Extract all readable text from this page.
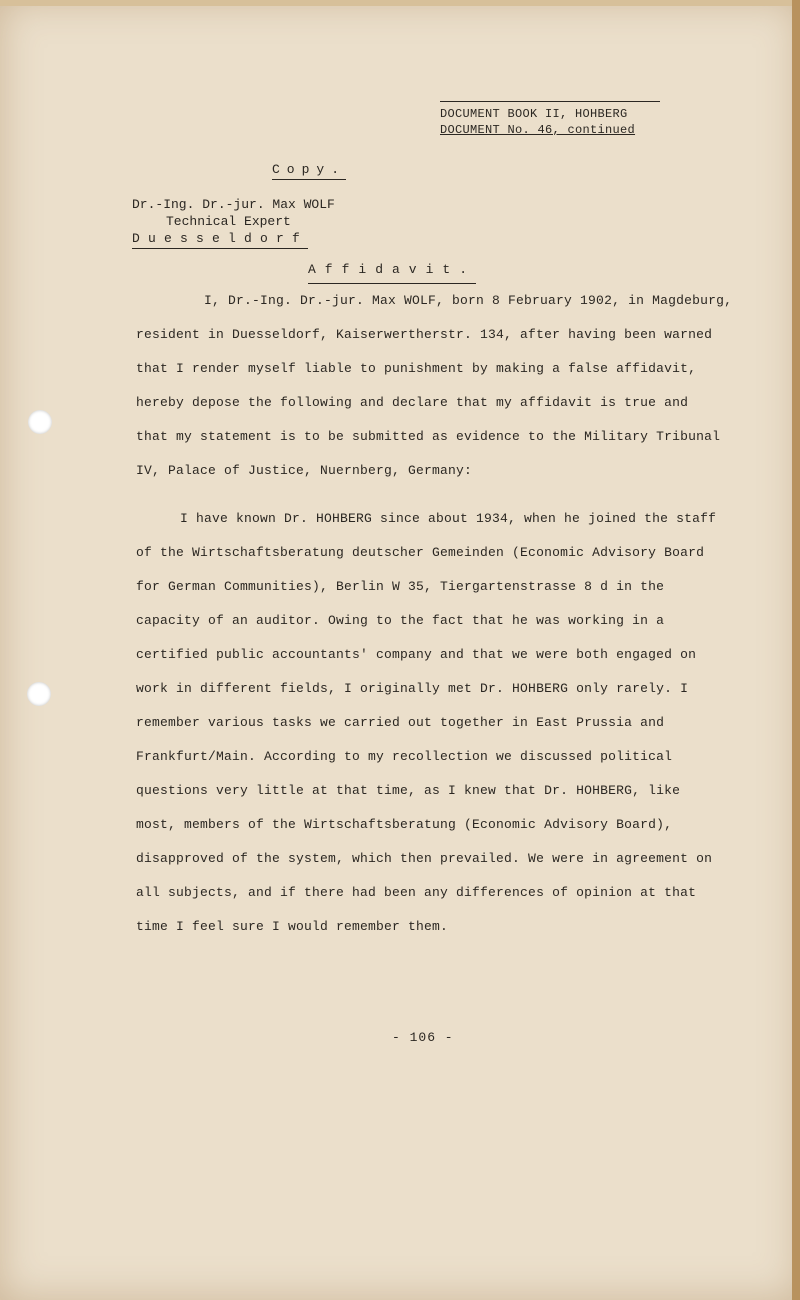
DOCUMENT BOOK II, HOHBERG
DOCUMENT No. 46, continued
Copy.
Dr.-Ing. Dr.-jur. Max WOLF
Technical Expert
Duesseldorf
Affidavit.

I, Dr.-Ing. Dr.-jur. Max WOLF, born 8 February 1902, in Magdeburg,

resident in Duesseldorf, Kaiserwertherstr. 134, after having been warned

that I render myself liable to punishment by making a false affidavit,

hereby depose the following and declare that my affidavit is true and

that my statement is to be submitted as evidence to the Military Tribunal

IV, Palace of Justice, Nuernberg, Germany:

I have known Dr. HOHBERG since about 1934, when he joined the staff

of the Wirtschaftsberatung deutscher Gemeinden (Economic Advisory Board

for German Communities), Berlin W 35, Tiergartenstrasse 8 d in the

capacity of an auditor. Owing to the fact that he was working in a

certified public accountants' company and that we were both engaged on

work in different fields, I originally met Dr. HOHBERG only rarely. I

remember various tasks we carried out together in East Prussia and

Frankfurt/Main. According to my recollection we discussed political

questions very little at that time, as I knew that Dr. HOHBERG, like

most, members of the Wirtschaftsberatung (Economic Advisory Board),

disapproved of the system, which then prevailed. We were in agreement on

all subjects, and if there had been any differences of opinion at that

time I feel sure I would remember them.

- 106 -
